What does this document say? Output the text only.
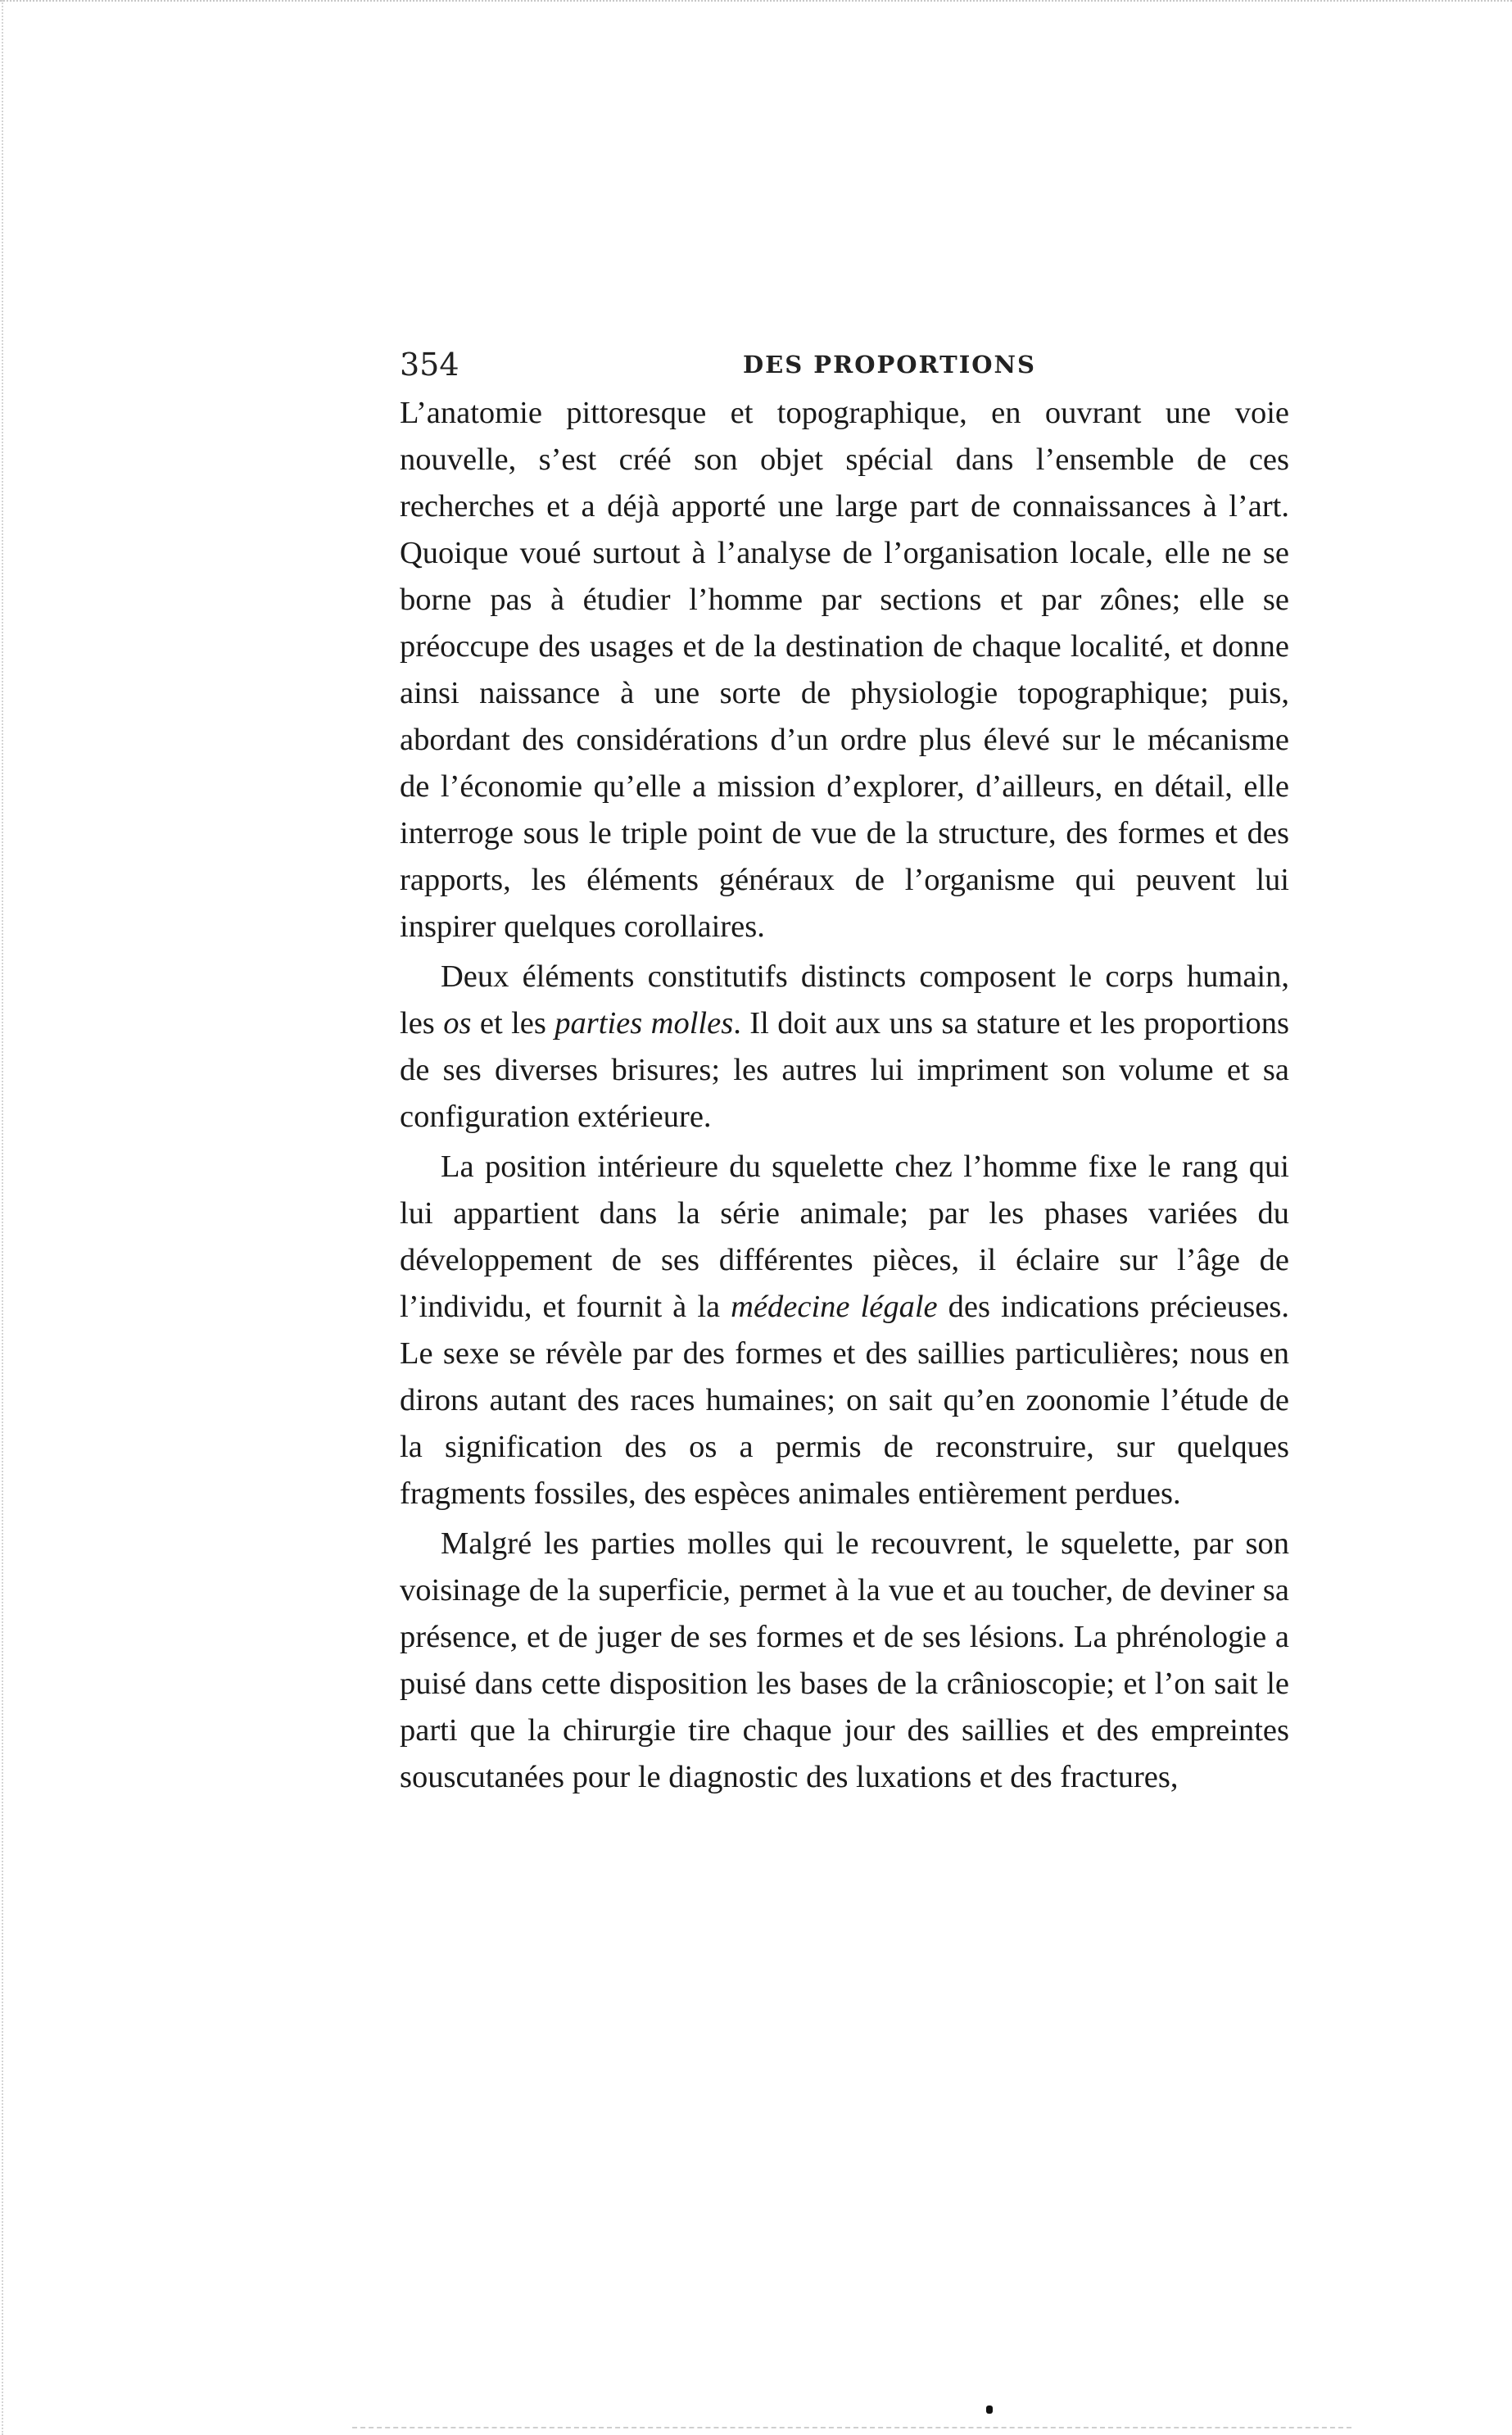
354	DES PROPORTIONS

L’anatomie pittoresque et topographique, en ouvrant une voie nouvelle, s’est créé son objet spécial dans l’ensemble de ces recherches et a déjà apporté une large part de connaissances à l’art. Quoique voué surtout à l’analyse de l’organisation locale, elle ne se borne pas à étudier l’homme par sections et par zônes; elle se préoccupe des usages et de la destination de chaque localité, et donne ainsi naissance à une sorte de physiologie topographique; puis, abordant des considérations d’un ordre plus élevé sur le mécanisme de l’économie qu’elle a mission d’explorer, d’ailleurs, en détail, elle interroge sous le triple point de vue de la structure, des formes et des rapports, les éléments généraux de l’organisme qui peuvent lui inspirer quelques corollaires.

Deux éléments constitutifs distincts composent le corps humain, les os et les parties molles. Il doit aux uns sa stature et les proportions de ses diverses brisures; les autres lui impriment son volume et sa configuration extérieure.

La position intérieure du squelette chez l’homme fixe le rang qui lui appartient dans la série animale; par les phases variées du développement de ses différentes pièces, il éclaire sur l’âge de l’individu, et fournit à la médecine légale des indications précieuses. Le sexe se révèle par des formes et des saillies particulières; nous en dirons autant des races humaines; on sait qu’en zoonomie l’étude de la signification des os a permis de reconstruire, sur quelques fragments fossiles, des espèces animales entièrement perdues.

Malgré les parties molles qui le recouvrent, le squelette, par son voisinage de la superficie, permet à la vue et au toucher, de deviner sa présence, et de juger de ses formes et de ses lésions. La phrénologie a puisé dans cette disposition les bases de la crânioscopie; et l’on sait le parti que la chirurgie tire chaque jour des saillies et des empreintes souscutanées pour le diagnostic des luxations et des fractures,
